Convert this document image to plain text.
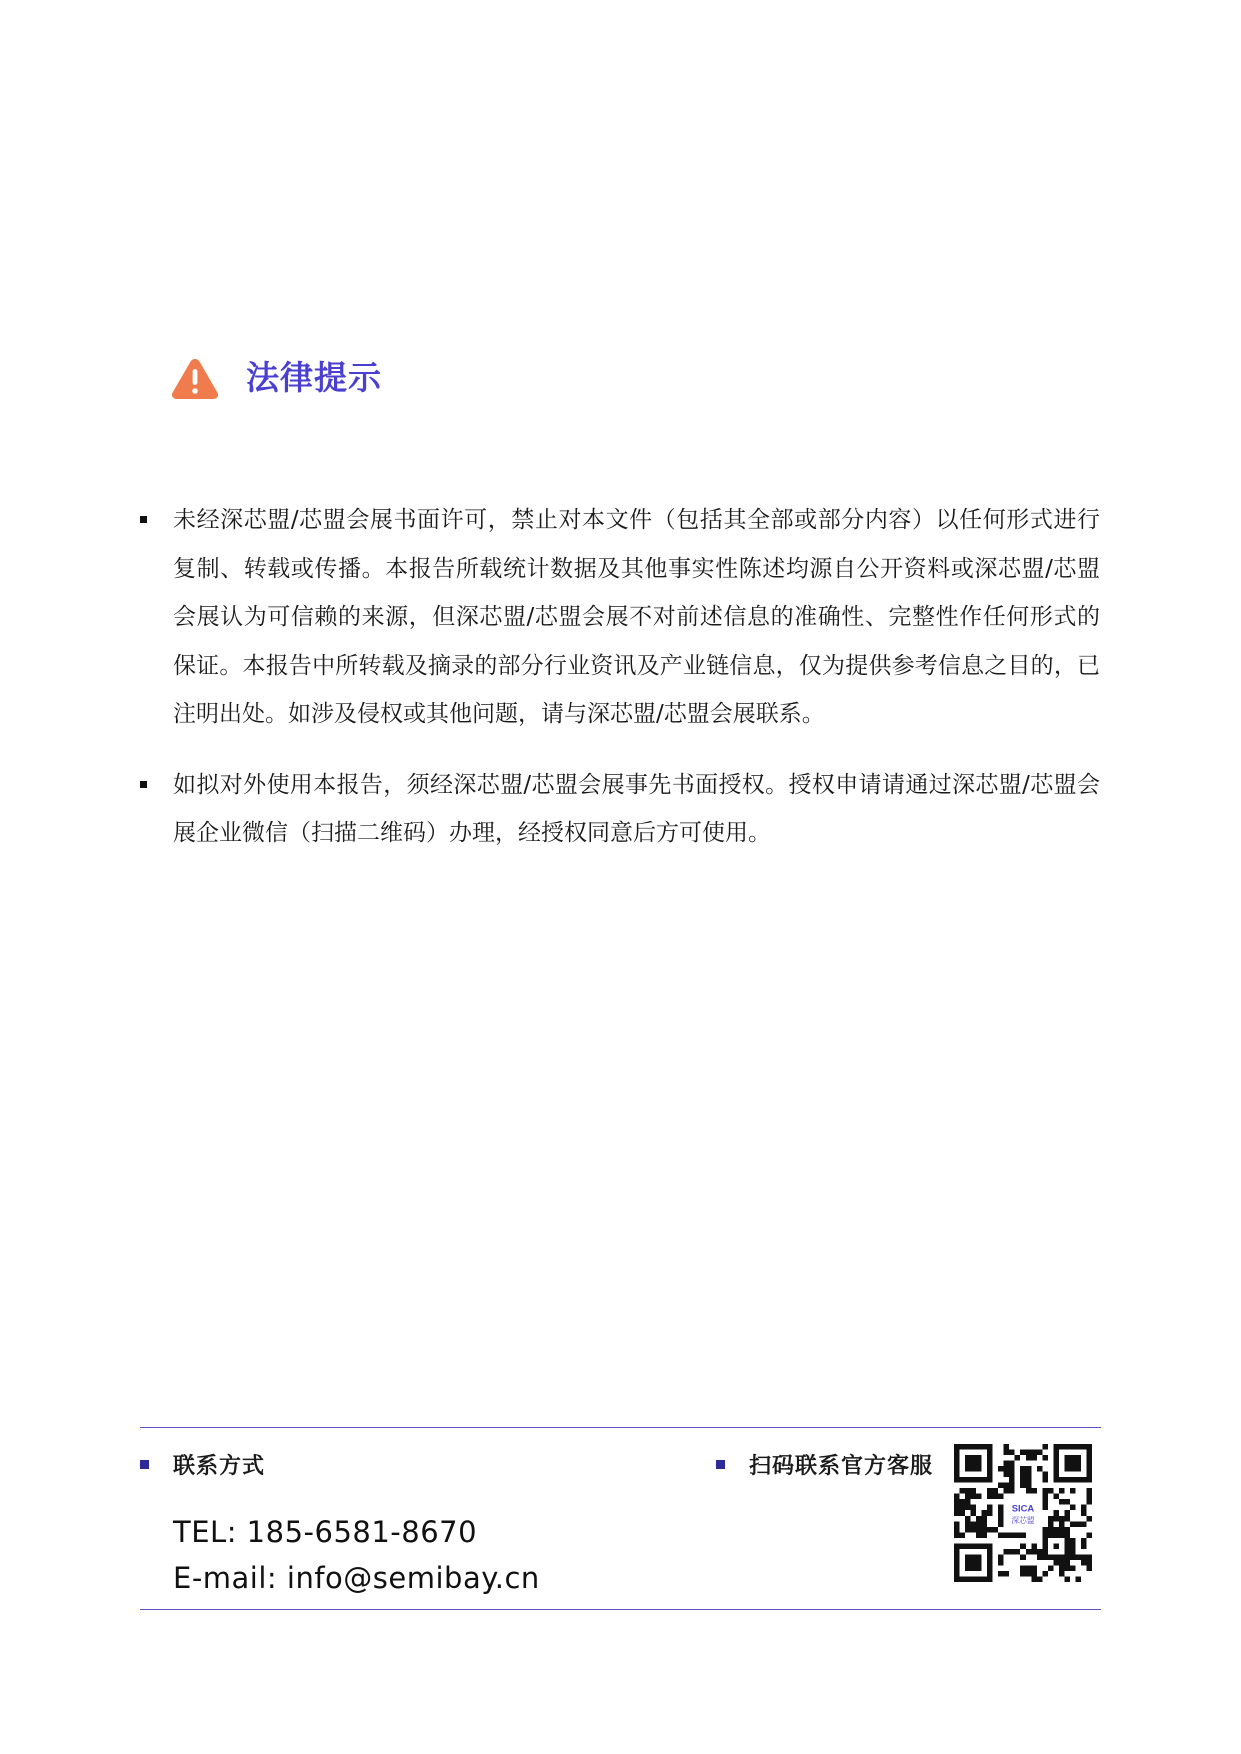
法律提示
未经深芯盟/芯盟会展书面许可，禁止对本文件（包括其全部或部分内容）以任何形式进行复制、转载或传播。本报告所载统计数据及其他事实性陈述均源自公开资料或深芯盟/芯盟会展认为可信赖的来源，但深芯盟/芯盟会展不对前述信息的准确性、完整性作任何形式的保证。本报告中所转载及摘录的部分行业资讯及产业链信息，仅为提供参考信息之目的，已注明出处。如涉及侵权或其他问题，请与深芯盟/芯盟会展联系。
如拟对外使用本报告，须经深芯盟/芯盟会展事先书面授权。授权申请请通过深芯盟/芯盟会展企业微信（扫描二维码）办理，经授权同意后方可使用。
联系方式
TEL: 185-6581-8670
E-mail: info@semibay.cn
扫码联系官方客服
SICA
深芯盟
